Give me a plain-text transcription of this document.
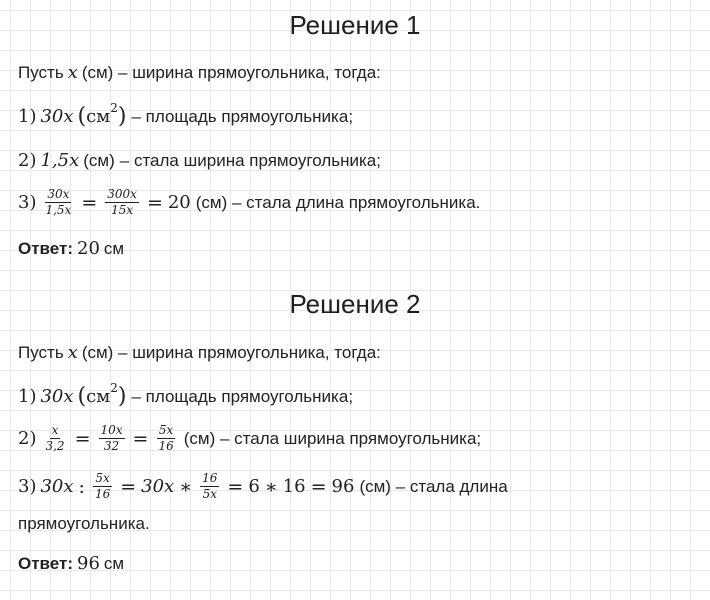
Решение 1
Пусть x (см) – ширина прямоугольника, тогда:
1) 30x ( см 2 ) – площадь прямоугольника;
2) 1,5x (см) – стала ширина прямоугольника;
$3) \frac{30x}{1,5x} = \frac{300x}{15x} = 20$ (см) – стала длина прямоугольника.
Ответ: 20 см
Решение 2
Пусть x (см) – ширина прямоугольника, тогда:
1) 30x ( см 2 ) – площадь прямоугольника;
$2) \frac{x}{3,2} = \frac{10x}{32} = \frac{5x}{16} (см)$ – стала ширина прямоугольника;
3) 30x : $\frac{5x}{16} = 30x$ ∗ $\frac{16}{5x} = 6$ ∗ 16 = 96 (см) – стала длина
прямоугольника.
Ответ: 96 см
